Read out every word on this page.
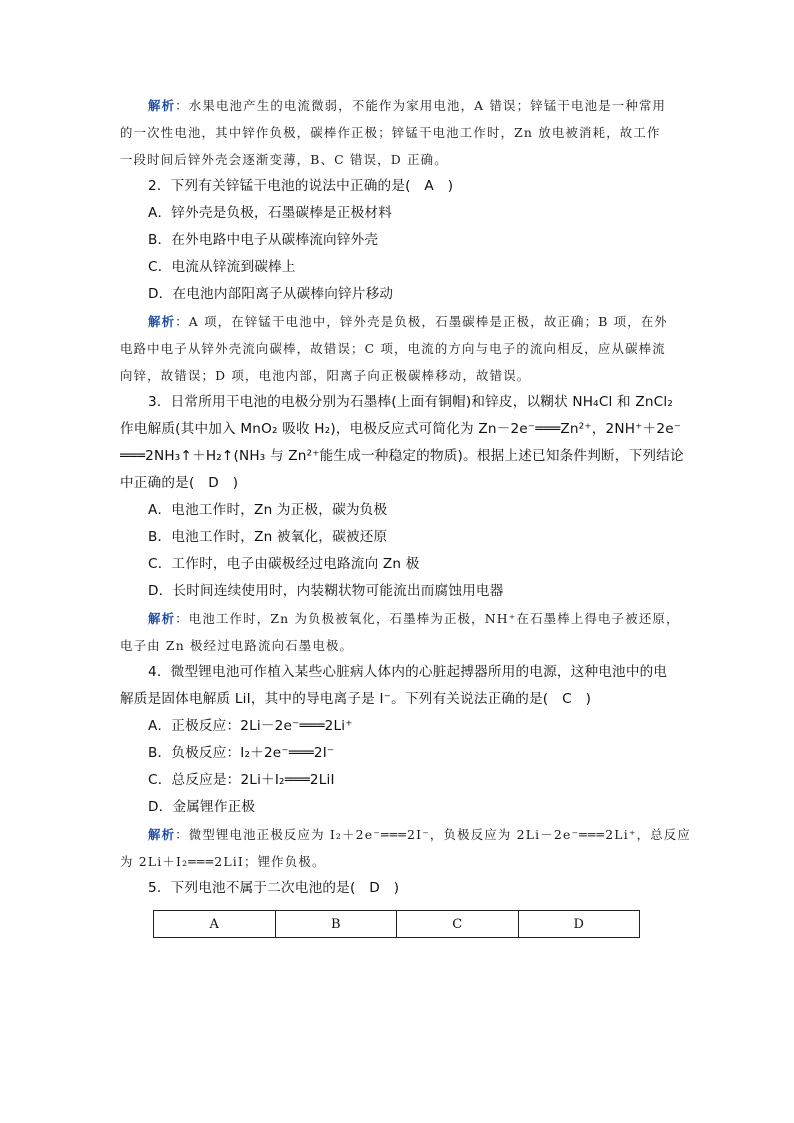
解析：水果电池产生的电流微弱，不能作为家用电池，A 错误；锌锰干电池是一种常用
的一次性电池，其中锌作负极，碳棒作正极；锌锰干电池工作时，Zn 放电被消耗，故工作
一段时间后锌外壳会逐渐变薄，B、C 错误，D 正确。
2．下列有关锌锰干电池的说法中正确的是(　A　)
A．锌外壳是负极，石墨碳棒是正极材料
B．在外电路中电子从碳棒流向锌外壳
C．电流从锌流到碳棒上
D．在电池内部阳离子从碳棒向锌片移动
解析：A 项，在锌锰干电池中，锌外壳是负极，石墨碳棒是正极，故正确；B 项，在外
电路中电子从锌外壳流向碳棒，故错误；C 项，电流的方向与电子的流向相反，应从碳棒流
向锌，故错误；D 项，电池内部，阳离子向正极碳棒移动，故错误。
3．日常所用干电池的电极分别为石墨棒(上面有铜帽)和锌皮，以糊状 NH₄Cl 和 ZnCl₂
作电解质(其中加入 MnO₂ 吸收 H₂)，电极反应式可简化为 Zn－2e⁻═══Zn²⁺，2NH⁺＋2e⁻
═══2NH₃↑＋H₂↑(NH₃ 与 Zn²⁺能生成一种稳定的物质)。根据上述已知条件判断，下列结论
中正确的是(　D　)
A．电池工作时，Zn 为正极，碳为负极
B．电池工作时，Zn 被氧化，碳被还原
C．工作时，电子由碳极经过电路流向 Zn 极
D．长时间连续使用时，内装糊状物可能流出而腐蚀用电器
解析：电池工作时，Zn 为负极被氧化，石墨棒为正极，NH⁺在石墨棒上得电子被还原，
电子由 Zn 极经过电路流向石墨电极。
4．微型锂电池可作植入某些心脏病人体内的心脏起搏器所用的电源，这种电池中的电
解质是固体电解质 LiI，其中的导电离子是 I⁻。下列有关说法正确的是(　C　)
A．正极反应：2Li－2e⁻═══2Li⁺
B．负极反应：I₂＋2e⁻═══2I⁻
C．总反应是：2Li＋I₂═══2LiI
D．金属锂作正极
解析：微型锂电池正极反应为 I₂＋2e⁻═══2I⁻，负极反应为 2Li－2e⁻═══2Li⁺，总反应
为 2Li＋I₂═══2LiI；锂作负极。
5．下列电池不属于二次电池的是(　D　)
A	B	C	D
